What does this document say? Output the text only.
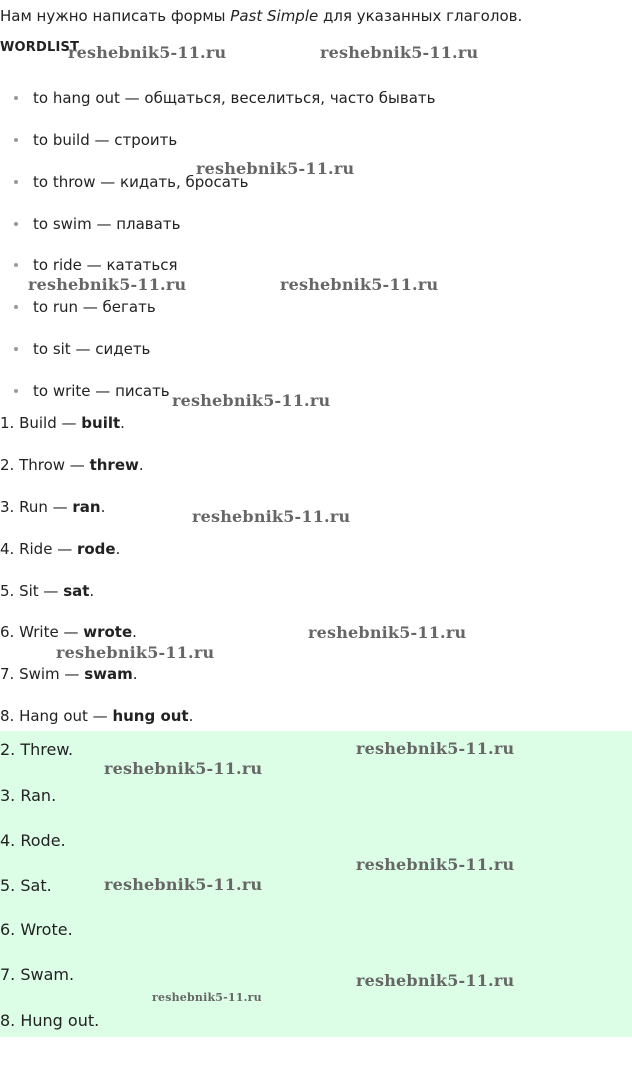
Нам нужно написать формы Past Simple для указанных глаголов.
WORDLIST
to hang out — общаться, веселиться, часто бывать
to build — строить
to throw — кидать, бросать
to swim — плавать
to ride — кататься
to run — бегать
to sit — сидеть
to write — писать
1. Build — built.
2. Throw — threw.
3. Run — ran.
4. Ride — rode.
5. Sit — sat.
6. Write — wrote.
7. Swim — swam.
8. Hang out — hung out.
2. Threw.
3. Ran.
4. Rode.
5. Sat.
6. Wrote.
7. Swam.
8. Hung out.
reshebnik5-11.ru	reshebnik5-11.ru
reshebnik5-11.ru
reshebnik5-11.ru	reshebnik5-11.ru
reshebnik5-11.ru
reshebnik5-11.ru
reshebnik5-11.ru
reshebnik5-11.ru
reshebnik5-11.ru
reshebnik5-11.ru
reshebnik5-11.ru
reshebnik5-11.ru
reshebnik5-11.ru
reshebnik5-11.ru
